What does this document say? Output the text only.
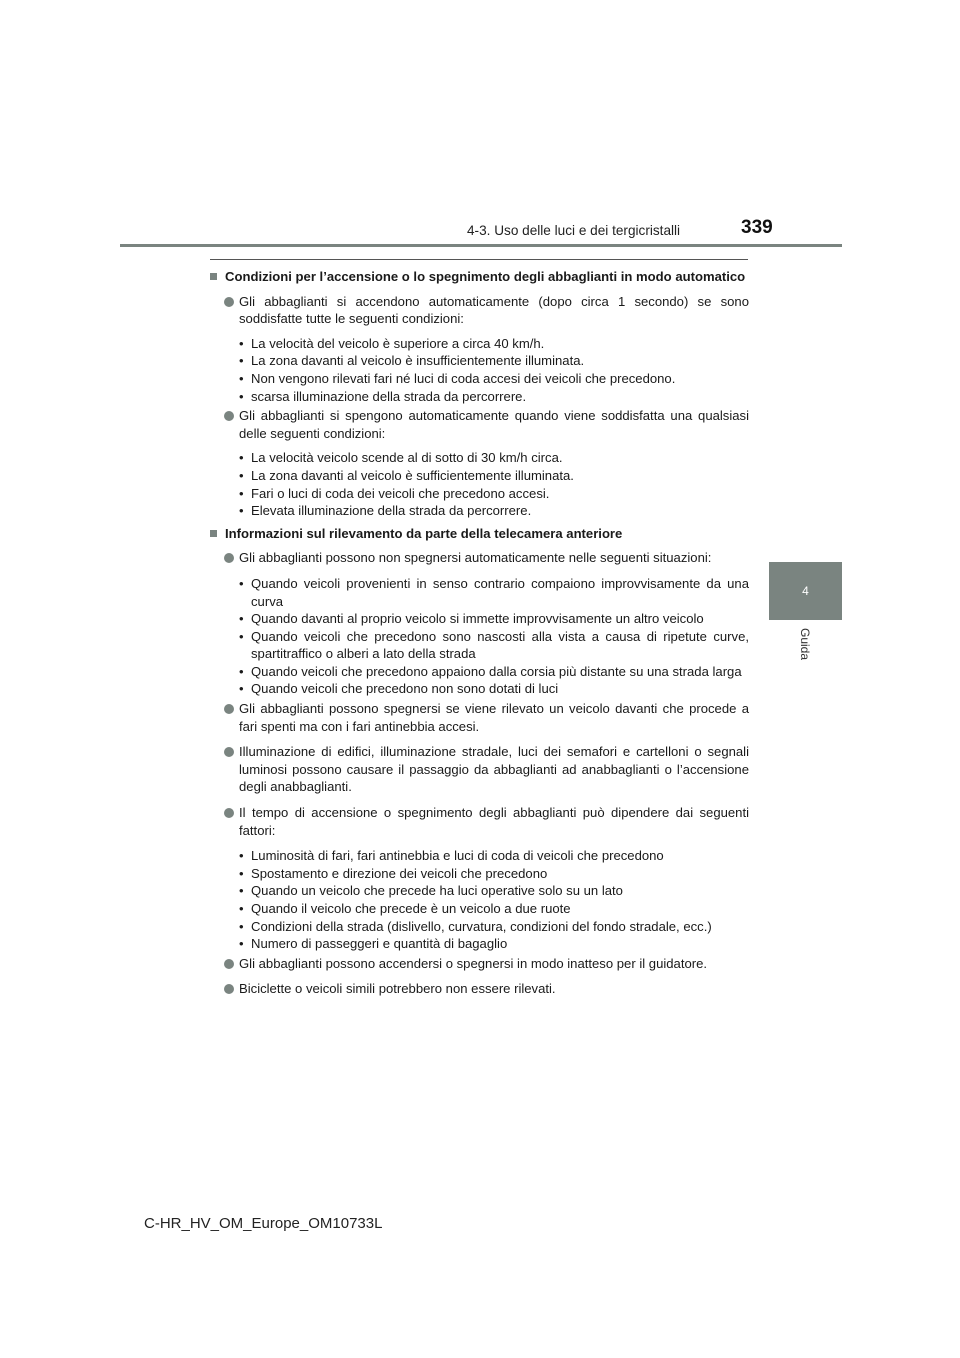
4-3. Uso delle luci e dei tergicristalli	339
4
Guida
Condizioni per l’accensione o lo spegnimento degli abbaglianti in modo automatico
Gli abbaglianti si accendono automaticamente (dopo circa 1 secondo) se sono soddisfatte tutte le seguenti condizioni:
• La velocità del veicolo è superiore a circa 40 km/h.
• La zona davanti al veicolo è insufficientemente illuminata.
• Non vengono rilevati fari né luci di coda accesi dei veicoli che precedono.
• scarsa illuminazione della strada da percorrere.
Gli abbaglianti si spengono automaticamente quando viene soddisfatta una qualsiasi delle seguenti condizioni:
• La velocità veicolo scende al di sotto di 30 km/h circa.
• La zona davanti al veicolo è sufficientemente illuminata.
• Fari o luci di coda dei veicoli che precedono accesi.
• Elevata illuminazione della strada da percorrere.
Informazioni sul rilevamento da parte della telecamera anteriore
Gli abbaglianti possono non spegnersi automaticamente nelle seguenti situazioni:
• Quando veicoli provenienti in senso contrario compaiono improvvisamente da una curva
• Quando davanti al proprio veicolo si immette improvvisamente un altro veicolo
• Quando veicoli che precedono sono nascosti alla vista a causa di ripetute curve, spartitraffico o alberi a lato della strada
• Quando veicoli che precedono appaiono dalla corsia più distante su una strada larga
• Quando veicoli che precedono non sono dotati di luci
Gli abbaglianti possono spegnersi se viene rilevato un veicolo davanti che procede a fari spenti ma con i fari antinebbia accesi.
Illuminazione di edifici, illuminazione stradale, luci dei semafori e cartelloni o segnali luminosi possono causare il passaggio da abbaglianti ad anabbaglianti o l’accensione degli anabbaglianti.
Il tempo di accensione o spegnimento degli abbaglianti può dipendere dai seguenti fattori:
• Luminosità di fari, fari antinebbia e luci di coda di veicoli che precedono
• Spostamento e direzione dei veicoli che precedono
• Quando un veicolo che precede ha luci operative solo su un lato
• Quando il veicolo che precede è un veicolo a due ruote
• Condizioni della strada (dislivello, curvatura, condizioni del fondo stradale, ecc.)
• Numero di passeggeri e quantità di bagaglio
Gli abbaglianti possono accendersi o spegnersi in modo inatteso per il guidatore.
Biciclette o veicoli simili potrebbero non essere rilevati.
C-HR_HV_OM_Europe_OM10733L
